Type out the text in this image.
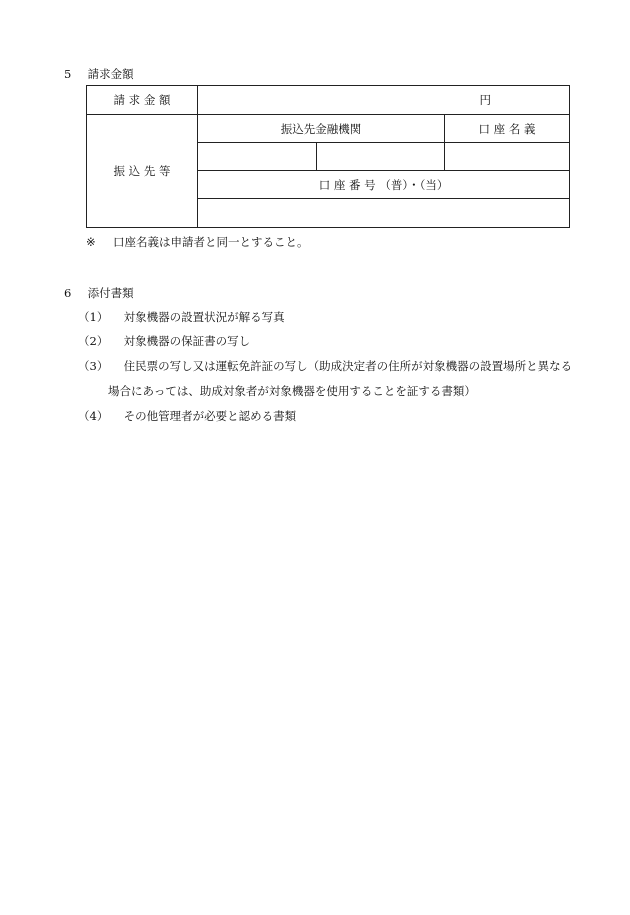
5 請求金額
請 求 金 額	円		
振 込 先 等	振込先金融機関		口 座 名 義

	口 座 番 号 （普）・（当）		

※ 口座名義は申請者と同一とすること。
6 添付書類
（1） 対象機器の設置状況が解る写真
（2） 対象機器の保証書の写し
（3） 住民票の写し又は運転免許証の写し（助成決定者の住所が対象機器の設置場所と異なる
場合にあっては、助成対象者が対象機器を使用することを証する書類）
（4） その他管理者が必要と認める書類
